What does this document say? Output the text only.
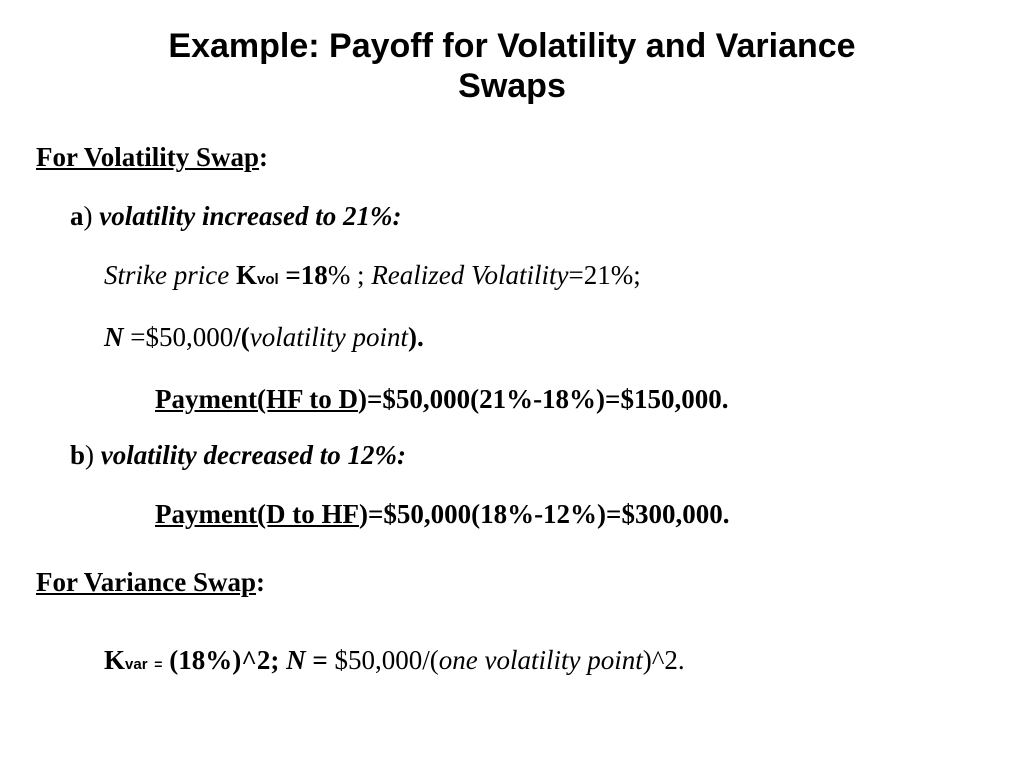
Example: Payoff for Volatility and Variance
Swaps
For Volatility Swap:
a) volatility increased to 21%:
Strike price Kvol =18% ; Realized Volatility=21%;
N =$50,000/(volatility point).
Payment(HF to D)=$50,000(21%-18%)=$150,000.
b) volatility decreased to 12%:
Payment(D to HF)=$50,000(18%-12%)=$300,000.
For Variance Swap:
Kvar = (18%)^2; N = $50,000/(one volatility point)^2.
